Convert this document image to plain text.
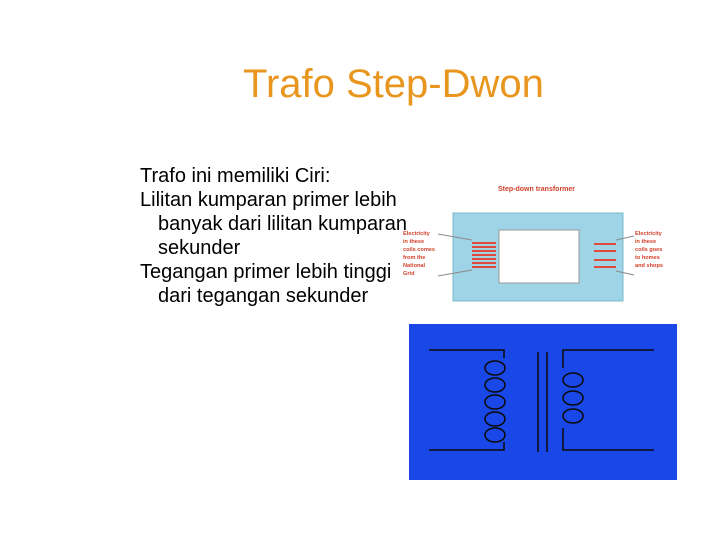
Trafo Step-Dwon

Trafo ini memiliki Ciri:

Lilitan kumparan primer lebih banyak dari lilitan kumparan sekunder

Tegangan primer lebih tinggi dari tegangan sekunder

Step-down transformer
Electricity
in these
coils comes
from the
National
Grid
Electricity
in these
coils goes
to homes
and shops
